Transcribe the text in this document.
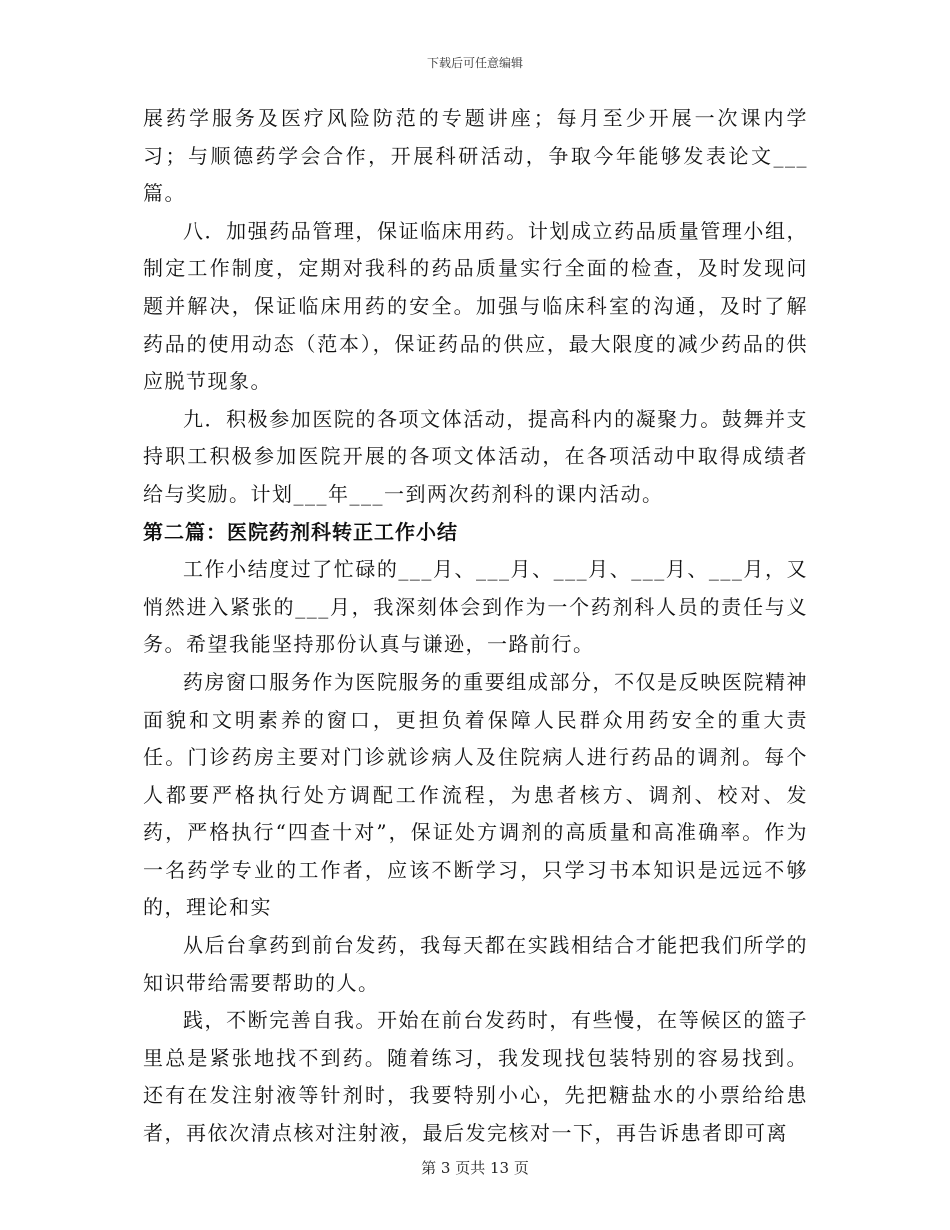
下载后可任意编辑

展药学服务及医疗风险防范的专题讲座；每月至少开展一次课内学习；与顺德药学会合作，开展科研活动，争取今年能够发表论文___篇。

八．加强药品管理，保证临床用药。计划成立药品质量管理小组，制定工作制度，定期对我科的药品质量实行全面的检查，及时发现问题并解决，保证临床用药的安全。加强与临床科室的沟通，及时了解药品的使用动态（范本），保证药品的供应，最大限度的减少药品的供应脱节现象。

九．积极参加医院的各项文体活动，提高科内的凝聚力。鼓舞并支持职工积极参加医院开展的各项文体活动，在各项活动中取得成绩者给与奖励。计划___年___一到两次药剂科的课内活动。

第二篇：医院药剂科转正工作小结

工作小结度过了忙碌的___月、___月、___月、___月、___月，又悄然进入紧张的___月，我深刻体会到作为一个药剂科人员的责任与义务。希望我能坚持那份认真与谦逊，一路前行。

药房窗口服务作为医院服务的重要组成部分，不仅是反映医院精神面貌和文明素养的窗口，更担负着保障人民群众用药安全的重大责任。门诊药房主要对门诊就诊病人及住院病人进行药品的调剂。每个人都要严格执行处方调配工作流程，为患者核方、调剂、校对、发药，严格执行“四查十对”，保证处方调剂的高质量和高准确率。作为一名药学专业的工作者，应该不断学习，只学习书本知识是远远不够的，理论和实

从后台拿药到前台发药，我每天都在实践相结合才能把我们所学的知识带给需要帮助的人。

践，不断完善自我。开始在前台发药时，有些慢，在等候区的篮子里总是紧张地找不到药。随着练习，我发现找包装特别的容易找到。还有在发注射液等针剂时，我要特别小心，先把糖盐水的小票给给患者，再依次清点核对注射液，最后发完核对一下，再告诉患者即可离

第 3 页共 13 页
